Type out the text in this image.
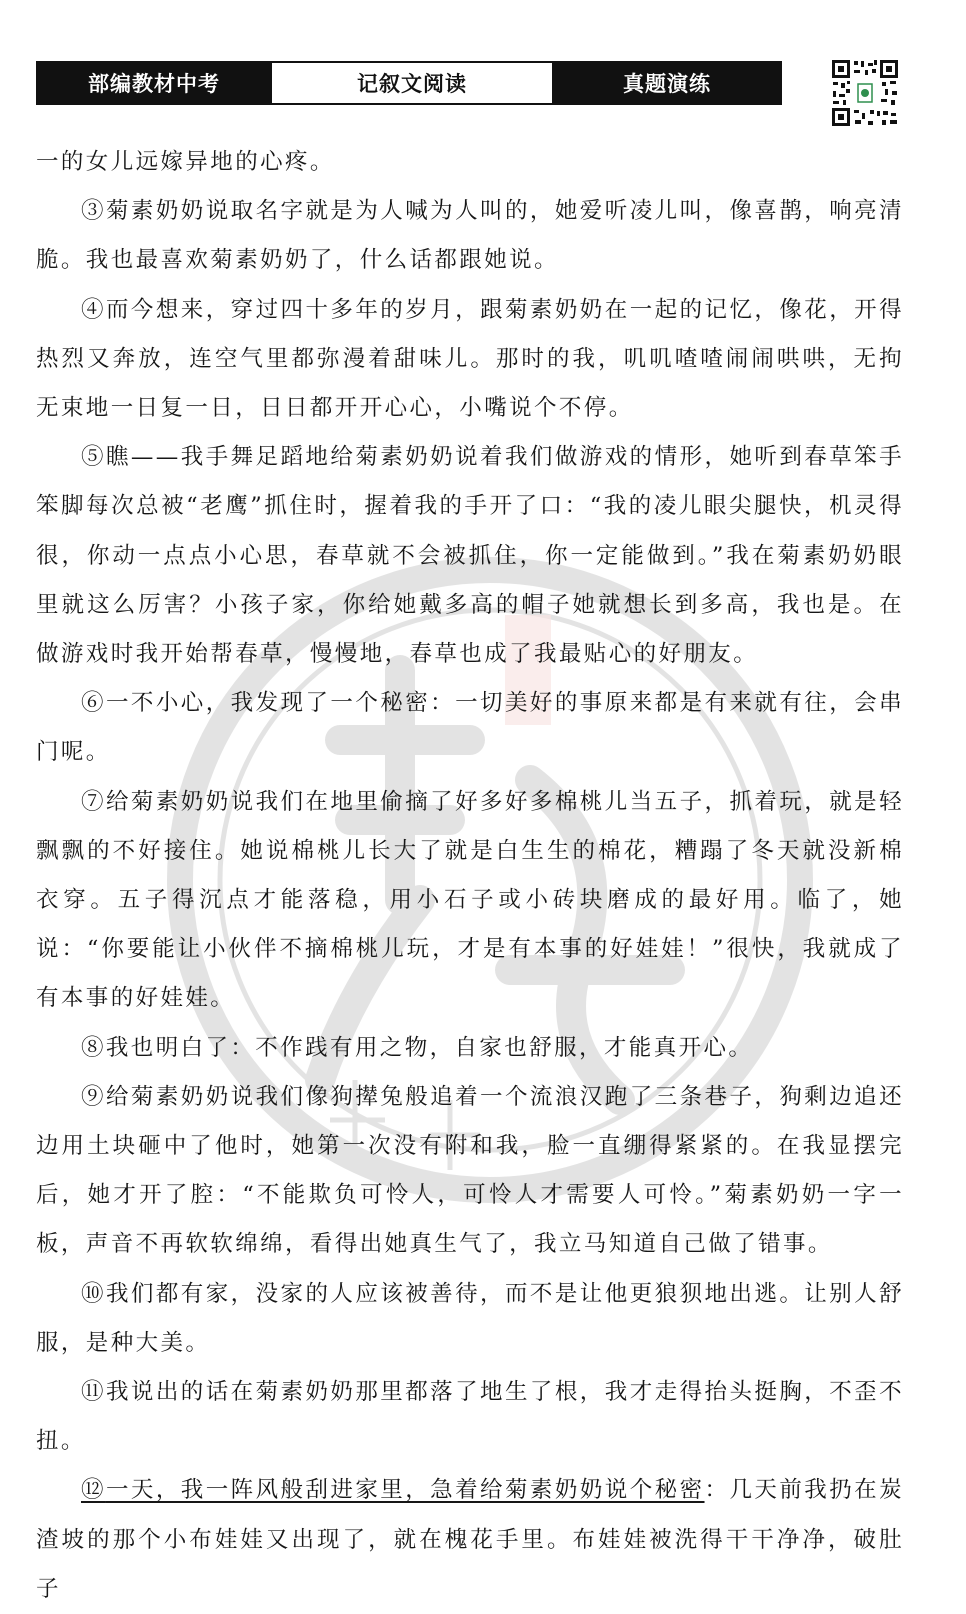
部编教材中考	记叙文阅读	真题演练

一的女儿远嫁异地的心疼。

③菊素奶奶说取名字就是为人喊为人叫的，她爱听凌儿叫，像喜鹊，响亮清脆。我也最喜欢菊素奶奶了，什么话都跟她说。

④而今想来，穿过四十多年的岁月，跟菊素奶奶在一起的记忆，像花，开得热烈又奔放，连空气里都弥漫着甜味儿。那时的我，叽叽喳喳闹闹哄哄，无拘无束地一日复一日，日日都开开心心，小嘴说个不停。

⑤瞧——我手舞足蹈地给菊素奶奶说着我们做游戏的情形，她听到春草笨手笨脚每次总被“老鹰”抓住时，握着我的手开了口：“我的凌儿眼尖腿快，机灵得很，你动一点点小心思，春草就不会被抓住，你一定能做到。”我在菊素奶奶眼里就这么厉害？小孩子家，你给她戴多高的帽子她就想长到多高，我也是。在做游戏时我开始帮春草，慢慢地，春草也成了我最贴心的好朋友。

⑥一不小心，我发现了一个秘密：一切美好的事原来都是有来就有往，会串门呢。

⑦给菊素奶奶说我们在地里偷摘了好多好多棉桃儿当五子，抓着玩，就是轻飘飘的不好接住。她说棉桃儿长大了就是白生生的棉花，糟蹋了冬天就没新棉衣穿。五子得沉点才能落稳，用小石子或小砖块磨成的最好用。临了，她说：“你要能让小伙伴不摘棉桃儿玩，才是有本事的好娃娃！”很快，我就成了有本事的好娃娃。

⑧我也明白了：不作践有用之物，自家也舒服，才能真开心。

⑨给菊素奶奶说我们像狗撵兔般追着一个流浪汉跑了三条巷子，狗剩边追还边用土块砸中了他时，她第一次没有附和我，脸一直绷得紧紧的。在我显摆完后，她才开了腔：“不能欺负可怜人，可怜人才需要人可怜。”菊素奶奶一字一板，声音不再软软绵绵，看得出她真生气了，我立马知道自己做了错事。

⑩我们都有家，没家的人应该被善待，而不是让他更狼狈地出逃。让别人舒服，是种大美。

⑪我说出的话在菊素奶奶那里都落了地生了根，我才走得抬头挺胸，不歪不扭。

⑫一天，我一阵风般刮进家里，急着给菊素奶奶说个秘密：几天前我扔在炭渣坡的那个小布娃娃又出现了，就在槐花手里。布娃娃被洗得干干净净，破肚子
